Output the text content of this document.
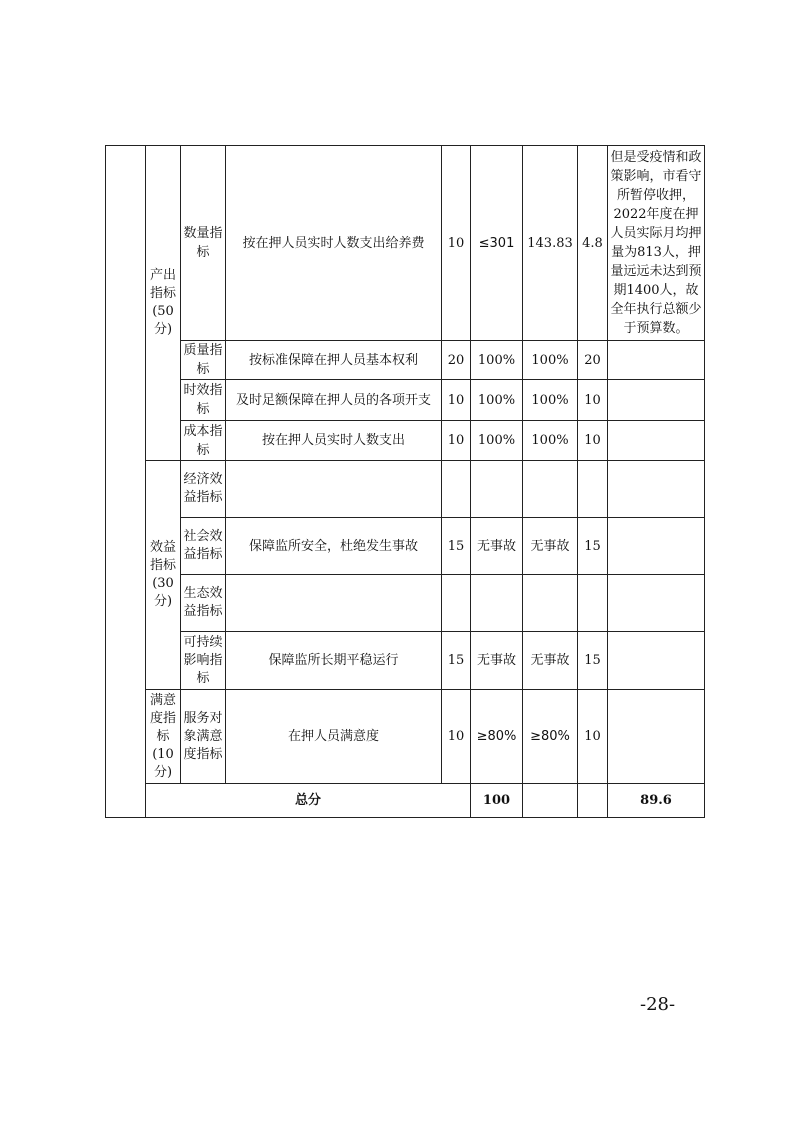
	产出指标(50分)	数量指标	按在押人员实时人数支出给养费	10	≤301	143.83	4.8	但是受疫情和政策影响，市看守所暂停收押，2022年度在押人员实际月均押量为813人，押量远远未达到预期1400人，故全年执行总额少于预算数。	
		质量指标	按标准保障在押人员基本权利	20	100%	100%	20		
		时效指标	及时足额保障在押人员的各项开支	10	100%	100%	10		
		成本指标	按在押人员实时人数支出	10	100%	100%	10		
	效益指标(30分)	经济效益指标							
		社会效益指标	保障监所安全，杜绝发生事故	15	无事故	无事故	15		
		生态效益指标							
		可持续影响指标	保障监所长期平稳运行	15	无事故	无事故	15		
	满意度指标(10分)	服务对象满意度指标	在押人员满意度	10	≥80%	≥80%	10		
	总分				100			89.6	
-28-
